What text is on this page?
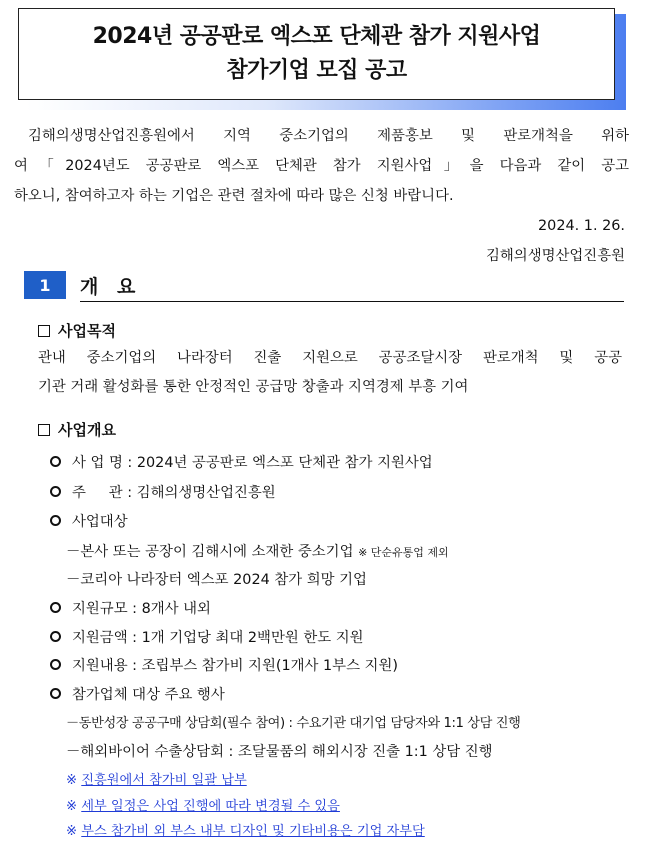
2024년 공공판로 엑스포 단체관 참가 지원사업
참가기업 모집 공고
김해의생명산업진흥원에서 지역 중소기업의 제품홍보 및 판로개척을 위하
여「2024년도 공공판로 엑스포 단체관 참가 지원사업」을 다음과 같이 공고
하오니, 참여하고자 하는 기업은 관련 절차에 따라 많은 신청 바랍니다.
2024. 1. 26.
김해의생명산업진흥원
1	개 요
사업목적
관내 중소기업의 나라장터 진출 지원으로 공공조달시장 판로개척 및 공공
기관 거래 활성화를 통한 안정적인 공급망 창출과 지역경제 부흥 기여
사업개요
사 업 명 : 2024년 공공판로 엑스포 단체관 참가 지원사업
주     관 : 김해의생명산업진흥원
사업대상
－본사 또는 공장이 김해시에 소재한 중소기업 ※ 단순유통업 제외
－코리아 나라장터 엑스포 2024 참가 희망 기업
지원규모 : 8개사 내외
지원금액 : 1개 기업당 최대 2백만원 한도 지원
지원내용 : 조립부스 참가비 지원(1개사 1부스 지원)
참가업체 대상 주요 행사
－동반성장 공공구매 상담회(필수 참여) : 수요기관 대기업 담당자와 1:1 상담 진행
－해외바이어 수출상담회 : 조달물품의 해외시장 진출 1:1 상담 진행
※ 진흥원에서 참가비 일괄 납부
※ 세부 일정은 사업 진행에 따라 변경될 수 있음
※ 부스 참가비 외 부스 내부 디자인 및 기타비용은 기업 자부담
